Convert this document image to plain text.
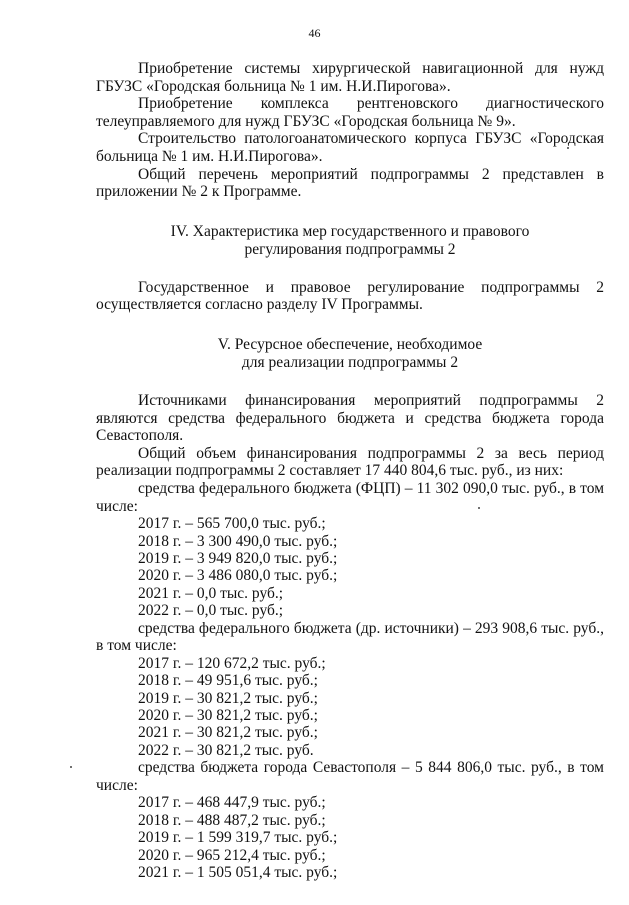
46

Приобретение системы хирургической навигационной для нужд ГБУЗС «Городская больница № 1 им. Н.И.Пирогова».

Приобретение комплекса рентгеновского диагностического телеуправляемого для нужд ГБУЗС «Городская больница № 9».

Строительство патологоанатомического корпуса ГБУЗС «Городская больница № 1 им. Н.И.Пирогова».

Общий перечень мероприятий подпрограммы 2 представлен в приложении № 2 к Программе.

IV. Характеристика мер государственного и правового
регулирования подпрограммы 2

Государственное и правовое регулирование подпрограммы 2 осуществляется согласно разделу IV Программы.

V. Ресурсное обеспечение, необходимое
для реализации подпрограммы 2

Источниками финансирования мероприятий подпрограммы 2 являются средства федерального бюджета и средства бюджета города Севастополя.

Общий объем финансирования подпрограммы 2 за весь период реализации подпрограммы 2 составляет 17 440 804,6 тыс. руб., из них:

средства федерального бюджета (ФЦП) – 11 302 090,0 тыс. руб., в том числе:

2017 г. – 565 700,0 тыс. руб.;

2018 г. – 3 300 490,0 тыс. руб.;

2019 г. – 3 949 820,0 тыс. руб.;

2020 г. – 3 486 080,0 тыс. руб.;

2021 г. – 0,0 тыс. руб.;

2022 г. – 0,0 тыс. руб.;

средства федерального бюджета (др. источники) – 293 908,6 тыс. руб., в том числе:

2017 г. – 120 672,2 тыс. руб.;

2018 г. – 49 951,6 тыс. руб.;

2019 г. – 30 821,2 тыс. руб.;

2020 г. – 30 821,2 тыс. руб.;

2021 г. – 30 821,2 тыс. руб.;

2022 г. – 30 821,2 тыс. руб.

средства бюджета города Севастополя – 5 844 806,0 тыс. руб., в том числе:

2017 г. – 468 447,9 тыс. руб.;

2018 г. – 488 487,2 тыс. руб.;

2019 г. – 1 599 319,7 тыс. руб.;

2020 г. – 965 212,4 тыс. руб.;

2021 г. – 1 505 051,4 тыс. руб.;
